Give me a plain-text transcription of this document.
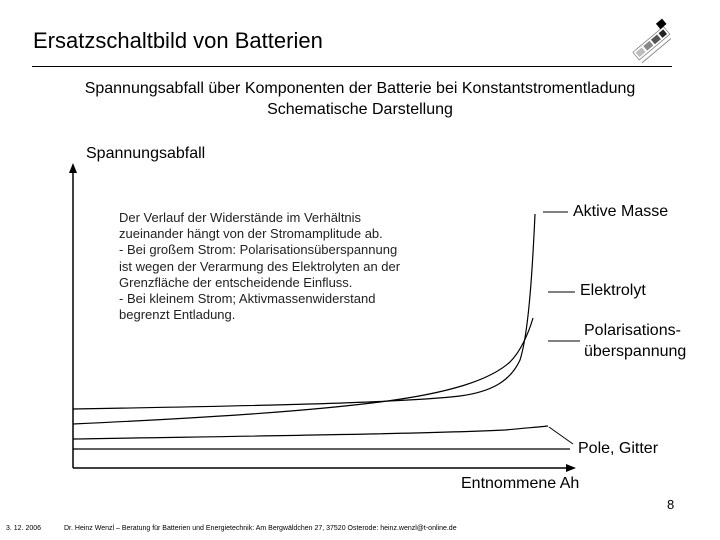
Ersatzschaltbild von Batterien
Spannungsabfall über Komponenten der Batterie bei Konstantstromentladung
Schematische Darstellung
Spannungsabfall
Der Verlauf der Widerstände im Verhältnis
zueinander hängt von der Stromamplitude ab.
- Bei großem Strom: Polarisationsüberspannung
ist wegen der Verarmung des Elektrolyten an der
Grenzfläche der entscheidende Einfluss.
- Bei kleinem Strom; Aktivmassenwiderstand
begrenzt Entladung.
Aktive Masse
Elektrolyt
Polarisations-
überspannung
Pole, Gitter
Entnommene Ah
8
3. 12. 2006	Dr. Heinz Wenzl – Beratung für Batterien und Energietechnik: Am Bergwäldchen 27, 37520 Osterode: heinz.wenzl@t-online.de
